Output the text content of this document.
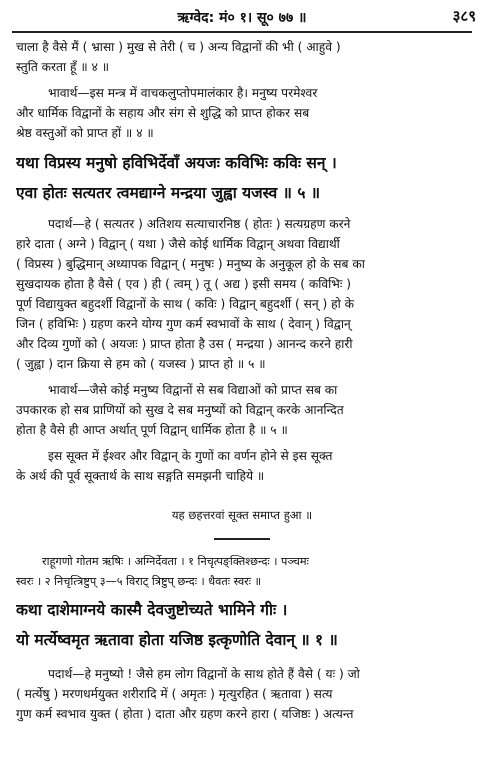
ऋग्वेद: मं० १। सू० ७७ ॥	३८९
चाला है वैसे मैं ( भ्रासा ) मुख से तेरी ( च ) अन्य विद्वानों की भी ( आहुवे )
स्तुति करता हूँ ॥ ४ ॥
भावार्थ—इस मन्त्र में वाचकलुप्तोपमालंकार है। मनुष्य परमेश्वर
और धार्मिक विद्वानों के सहाय और संग से शुद्धि को प्राप्त होकर सब
श्रेष्ठ वस्तुओं को प्राप्त हों ॥ ४ ॥
यथा विप्रस्य मनुषो हविभिर्देवाँ अयजः कविभिः कविः सन् ।
एवा होतः सत्यतर त्वमद्याग्ने मन्द्रया जुह्वा यजस्व ॥ ५ ॥
पदार्थ—हे ( सत्यतर ) अतिशय सत्याचारनिष्ठ ( होतः ) सत्यग्रहण करने
हारे दाता ( अग्ने ) विद्वान् ( यथा ) जैसे कोई धार्मिक विद्वान् अथवा विद्यार्थी
( विप्रस्य ) बुद्धिमान् अध्यापक विद्वान् ( मनुषः ) मनुष्य के अनुकूल हो के सब का
सुखदायक होता है वैसे ( एव ) ही ( त्वम् ) तू ( अद्य ) इसी समय ( कविभिः )
पूर्ण विद्यायुक्त बहुदर्शी विद्वानों के साथ ( कविः ) विद्वान् बहुदर्शी ( सन् ) हो के
जिन ( हविभिः ) ग्रहण करने योग्य गुण कर्म स्वभावों के साथ ( देवान् ) विद्वान्
और दिव्य गुणों को ( अयजः ) प्राप्त होता है उस ( मन्द्रया ) आनन्द करने हारी
( जुह्वा ) दान क्रिया से हम को ( यजस्व ) प्राप्त हो ॥ ५ ॥
भावार्थ—जैसे कोई मनुष्य विद्वानों से सब विद्याओं को प्राप्त सब का
उपकारक हो सब प्राणियों को सुख दे सब मनुष्यों को विद्वान् करके आनन्दित
होता है वैसे ही आप्त अर्थात् पूर्ण विद्वान् धार्मिक होता है ॥ ५ ॥
इस सूक्त में ईश्वर और विद्वान् के गुणों का वर्णन होने से इस सूक्त
के अर्थ की पूर्व सूक्तार्थ के साथ सङ्गति समझनी चाहिये ॥
यह छहत्तरवां सूक्त समाप्त हुआ ॥
राहूगणो गोतम ऋषिः । अग्निर्देवता । १ निचृत्पङ्क्तिश्छन्दः । पञ्चमः
स्वरः । २ निचृत्त्रिष्टुप् ३—५ विराट् त्रिष्टुप् छन्दः । धैवतः स्वरः ॥
कथा दाशेमाग्नये कास्मै देवजुष्टोच्यते भामिने गीः ।
यो मर्त्येष्वमृत ऋतावा होता यजिष्ठ इत्कृणोति देवान् ॥ १ ॥
पदार्थ—हे मनुष्यो ! जैसे हम लोग विद्वानों के साथ होते हैं वैसे ( यः ) जो
( मर्त्येषु ) मरणधर्मयुक्त शरीरादि में ( अमृतः ) मृत्युरहित ( ऋतावा ) सत्य
गुण कर्म स्वभाव युक्त ( होता ) दाता और ग्रहण करने हारा ( यजिष्ठः ) अत्यन्त
